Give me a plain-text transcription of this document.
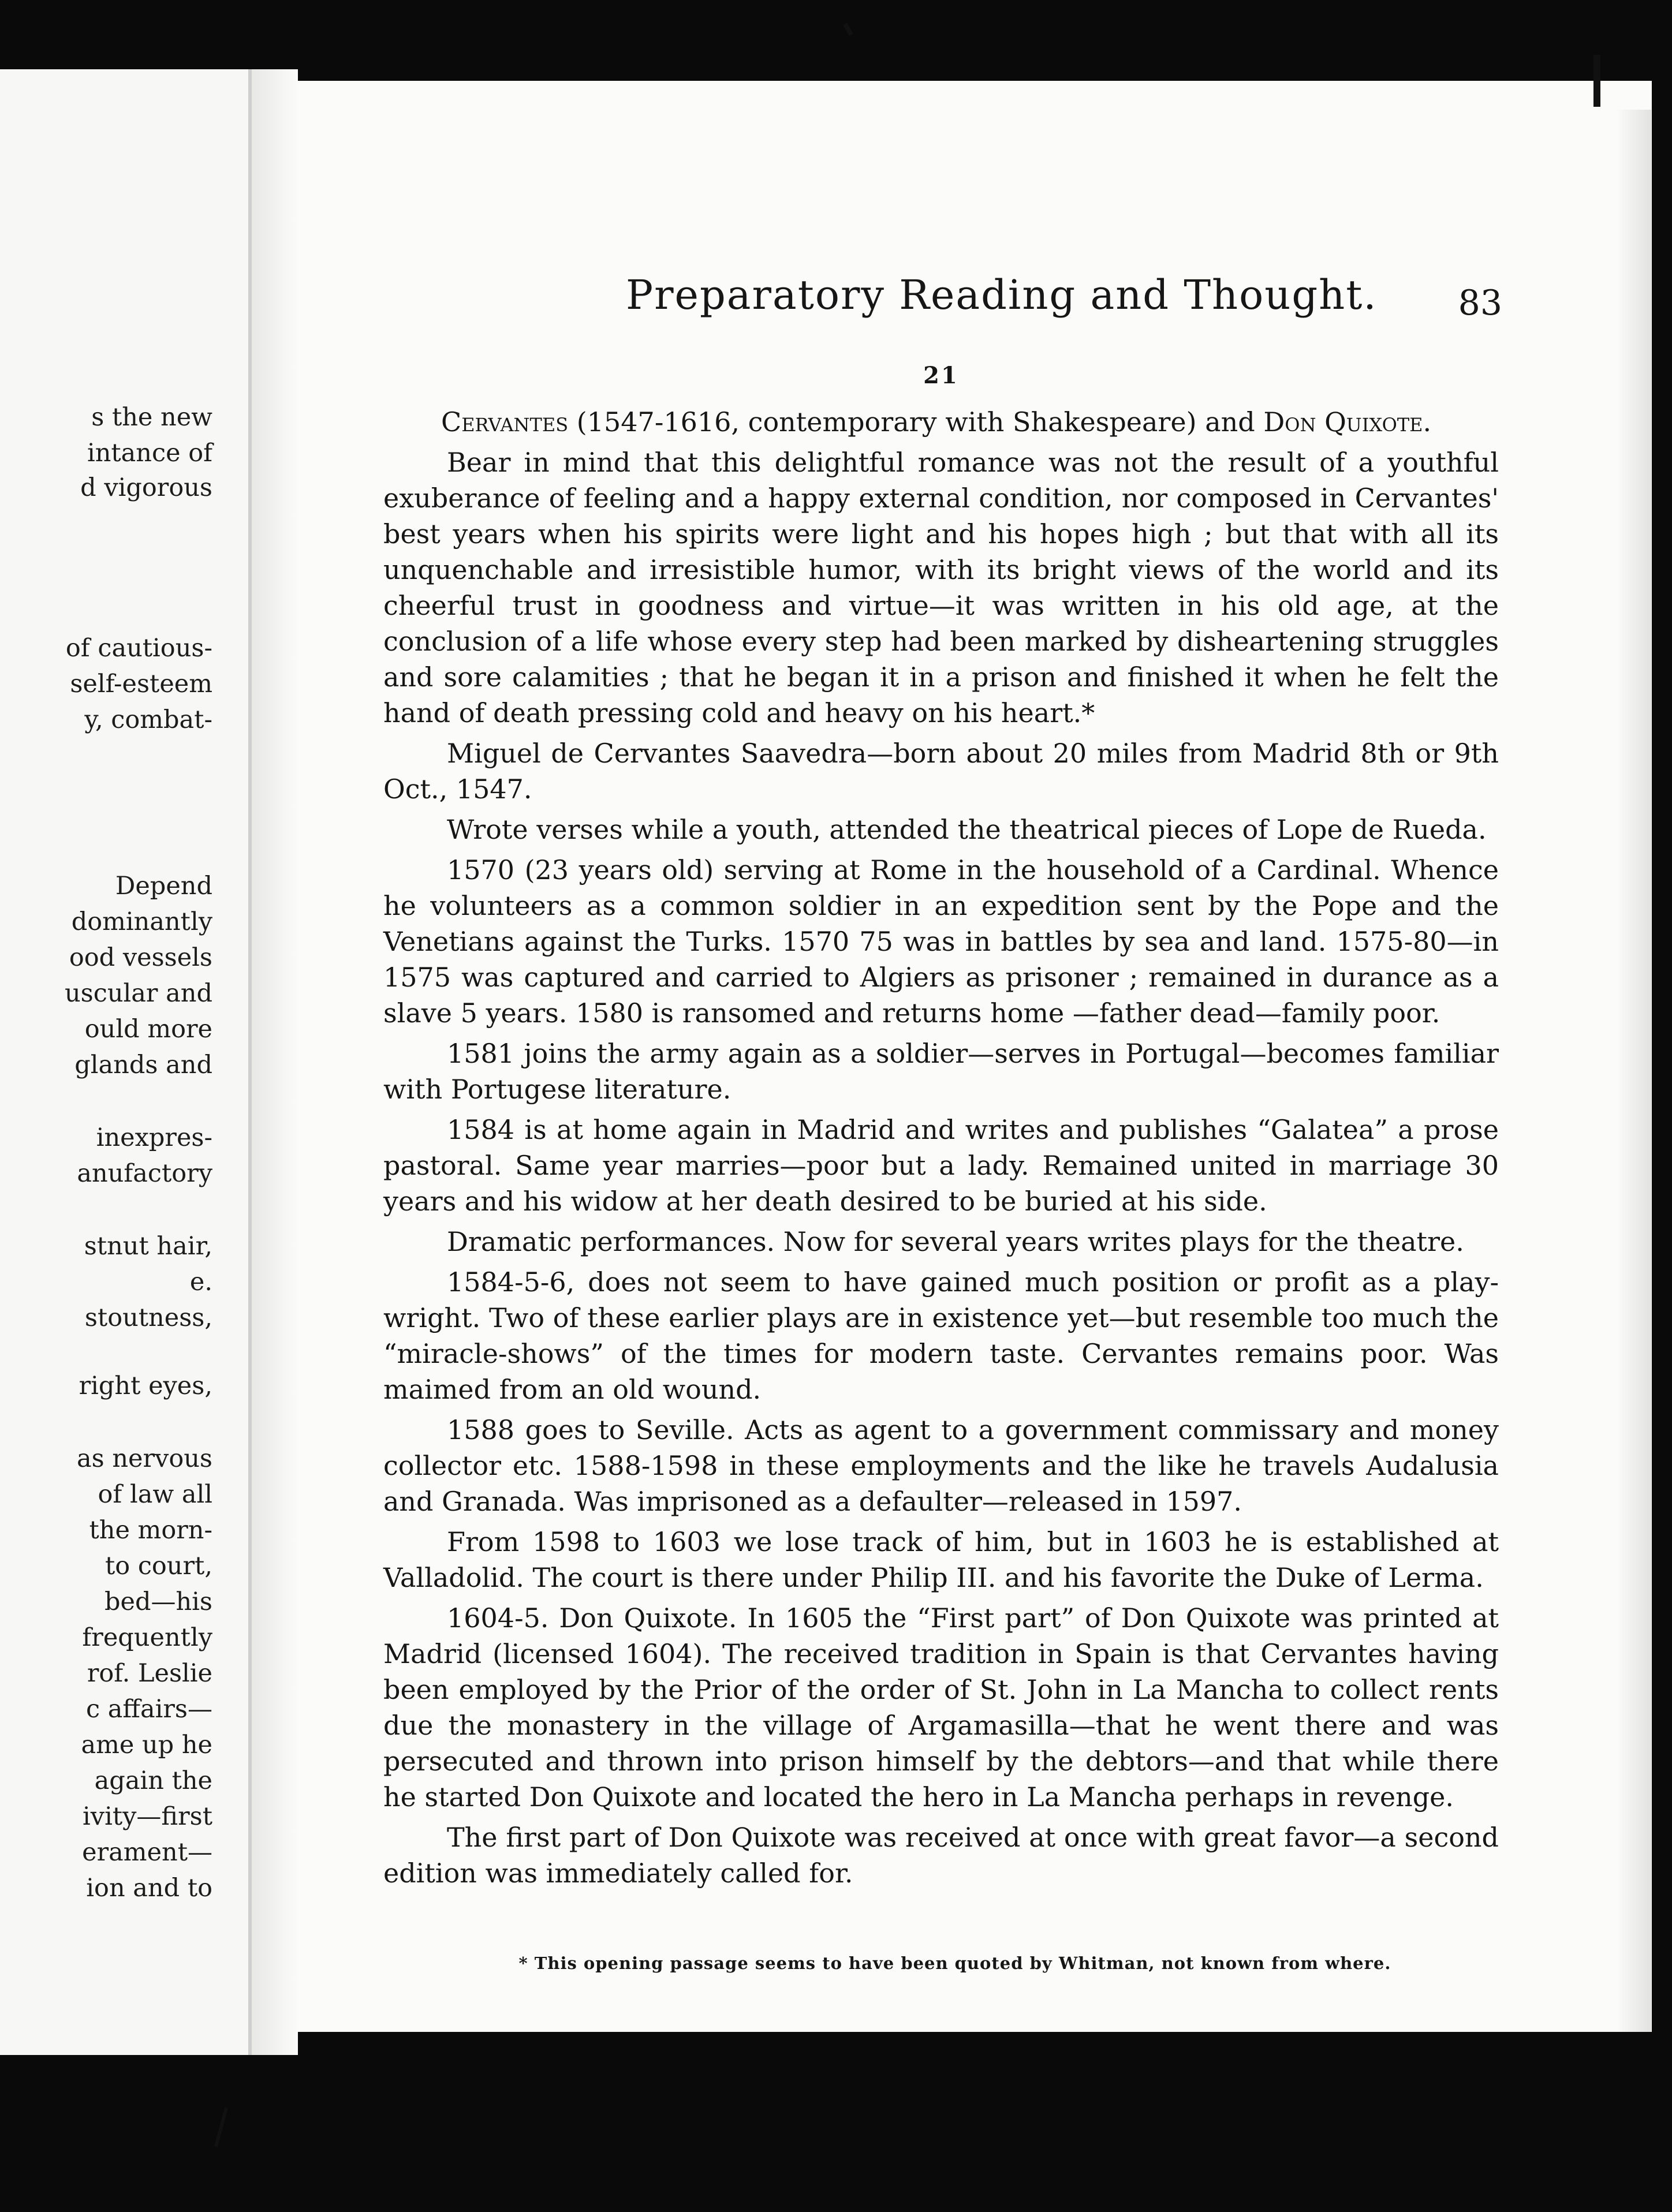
s the new
intance of
d vigorous
of cautious-
self-esteem
y, combat-
Depend
dominantly
ood vessels
uscular and
ould more
glands and
inexpres-
anufactory
stnut hair,
e.
stoutness,
right eyes,
as nervous
of law all
the morn-
to court,
bed—his
frequently
rof. Leslie
c affairs—
ame up he
again the
ivity—first
erament—
ion and to
Preparatory Reading and Thought.	83
21

Cervantes (1547-1616, contemporary with Shakespeare) and Don Quixote.

Bear in mind that this delightful romance was not the result of a youthful exuberance of feeling and a happy external condition, nor composed in Cervantes' best years when his spirits were light and his hopes high ; but that with all its unquenchable and irresistible humor, with its bright views of the world and its cheerful trust in goodness and virtue—it was written in his old age, at the conclusion of a life whose every step had been marked by disheartening struggles and sore calamities ; that he began it in a prison and finished it when he felt the hand of death pressing cold and heavy on his heart.*

Miguel de Cervantes Saavedra—born about 20 miles from Madrid 8th or 9th Oct., 1547.

Wrote verses while a youth, attended the theatrical pieces of Lope de Rueda.

1570 (23 years old) serving at Rome in the household of a Cardinal. Whence he volunteers as a common soldier in an expedition sent by the Pope and the Venetians against the Turks. 1570 75 was in battles by sea and land. 1575-80—in 1575 was captured and carried to Algiers as prisoner ; remained in durance as a slave 5 years. 1580 is ransomed and returns home —father dead—family poor.

1581 joins the army again as a soldier—serves in Portugal—becomes familiar with Portugese literature.

1584 is at home again in Madrid and writes and publishes “Galatea” a prose pastoral. Same year marries—poor but a lady. Remained united in marriage 30 years and his widow at her death desired to be buried at his side.

Dramatic performances. Now for several years writes plays for the theatre.

1584-5-6, does not seem to have gained much position or profit as a play-wright. Two of these earlier plays are in existence yet—but resemble too much the “miracle-shows” of the times for modern taste. Cervantes remains poor. Was maimed from an old wound.

1588 goes to Seville. Acts as agent to a government commissary and money collector etc. 1588-1598 in these employments and the like he travels Audalusia and Granada. Was imprisoned as a defaulter—released in 1597.

From 1598 to 1603 we lose track of him, but in 1603 he is established at Valladolid. The court is there under Philip III. and his favorite the Duke of Lerma.

1604-5. Don Quixote. In 1605 the “First part” of Don Quixote was printed at Madrid (licensed 1604). The received tradition in Spain is that Cervantes having been employed by the Prior of the order of St. John in La Mancha to collect rents due the monastery in the village of Argamasilla—that he went there and was persecuted and thrown into prison himself by the debtors—and that while there he started Don Quixote and located the hero in La Mancha perhaps in revenge.

The first part of Don Quixote was received at once with great favor—a second edition was immediately called for.

* This opening passage seems to have been quoted by Whitman, not known from where.
